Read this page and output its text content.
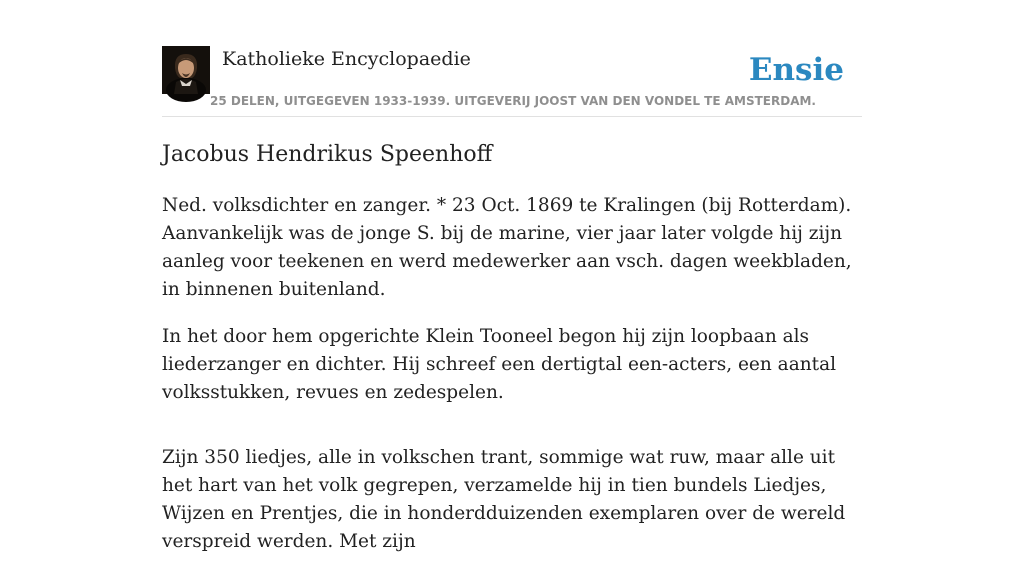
Katholieke Encyclopaedie	Ensie
25 DELEN, UITGEGEVEN 1933-1939. UITGEVERIJ JOOST VAN DEN VONDEL TE AMSTERDAM.
Jacobus Hendrikus Speenhoff

Ned. volksdichter en zanger. * 23 Oct. 1869 te Kralingen (bij Rotterdam). Aanvankelijk was de jonge S. bij de marine, vier jaar later volgde hij zijn aanleg voor teekenen en werd medewerker aan vsch. dagen weekbladen, in binnenen buitenland.

In het door hem opgerichte Klein Tooneel begon hij zijn loopbaan als liederzanger en dichter. Hij schreef een dertigtal een-acters, een aantal volksstukken, revues en zedespelen.

Zijn 350 liedjes, alle in volkschen trant, sommige wat ruw, maar alle uit het hart van het volk gegrepen, verzamelde hij in tien bundels Liedjes, Wijzen en Prentjes, die in honderdduizenden exemplaren over de wereld verspreid werden. Met zijn
